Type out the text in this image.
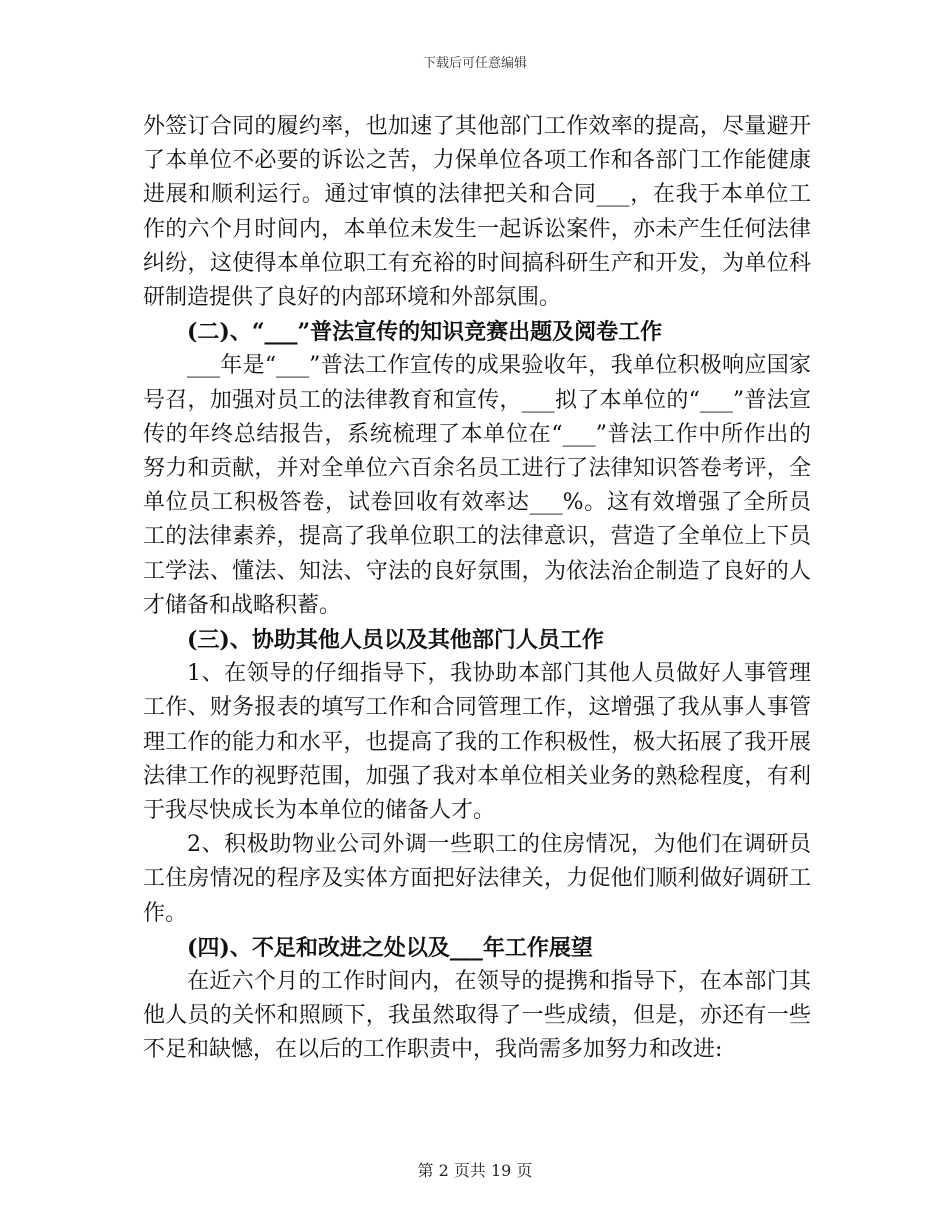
下载后可任意编辑

外签订合同的履约率，也加速了其他部门工作效率的提高，尽量避开了本单位不必要的诉讼之苦，力保单位各项工作和各部门工作能健康进展和顺利运行。通过审慎的法律把关和合同___，在我于本单位工作的六个月时间内，本单位未发生一起诉讼案件，亦未产生任何法律纠纷，这使得本单位职工有充裕的时间搞科研生产和开发，为单位科研制造提供了良好的内部环境和外部氛围。

(二)、“___”普法宣传的知识竞赛出题及阅卷工作

___年是“___”普法工作宣传的成果验收年，我单位积极响应国家号召，加强对员工的法律教育和宣传，___拟了本单位的“___”普法宣传的年终总结报告，系统梳理了本单位在“___”普法工作中所作出的努力和贡献，并对全单位六百余名员工进行了法律知识答卷考评，全单位员工积极答卷，试卷回收有效率达___%。这有效增强了全所员工的法律素养，提高了我单位职工的法律意识，营造了全单位上下员工学法、懂法、知法、守法的良好氛围，为依法治企制造了良好的人才储备和战略积蓄。

(三)、协助其他人员以及其他部门人员工作

1、在领导的仔细指导下，我协助本部门其他人员做好人事管理工作、财务报表的填写工作和合同管理工作，这增强了我从事人事管理工作的能力和水平，也提高了我的工作积极性，极大拓展了我开展法律工作的视野范围，加强了我对本单位相关业务的熟稔程度，有利于我尽快成长为本单位的储备人才。

2、积极助物业公司外调一些职工的住房情况，为他们在调研员工住房情况的程序及实体方面把好法律关，力促他们顺利做好调研工作。

(四)、不足和改进之处以及___年工作展望

在近六个月的工作时间内，在领导的提携和指导下，在本部门其他人员的关怀和照顾下，我虽然取得了一些成绩，但是，亦还有一些不足和缺憾，在以后的工作职责中，我尚需多加努力和改进:

第 2 页共 19 页
